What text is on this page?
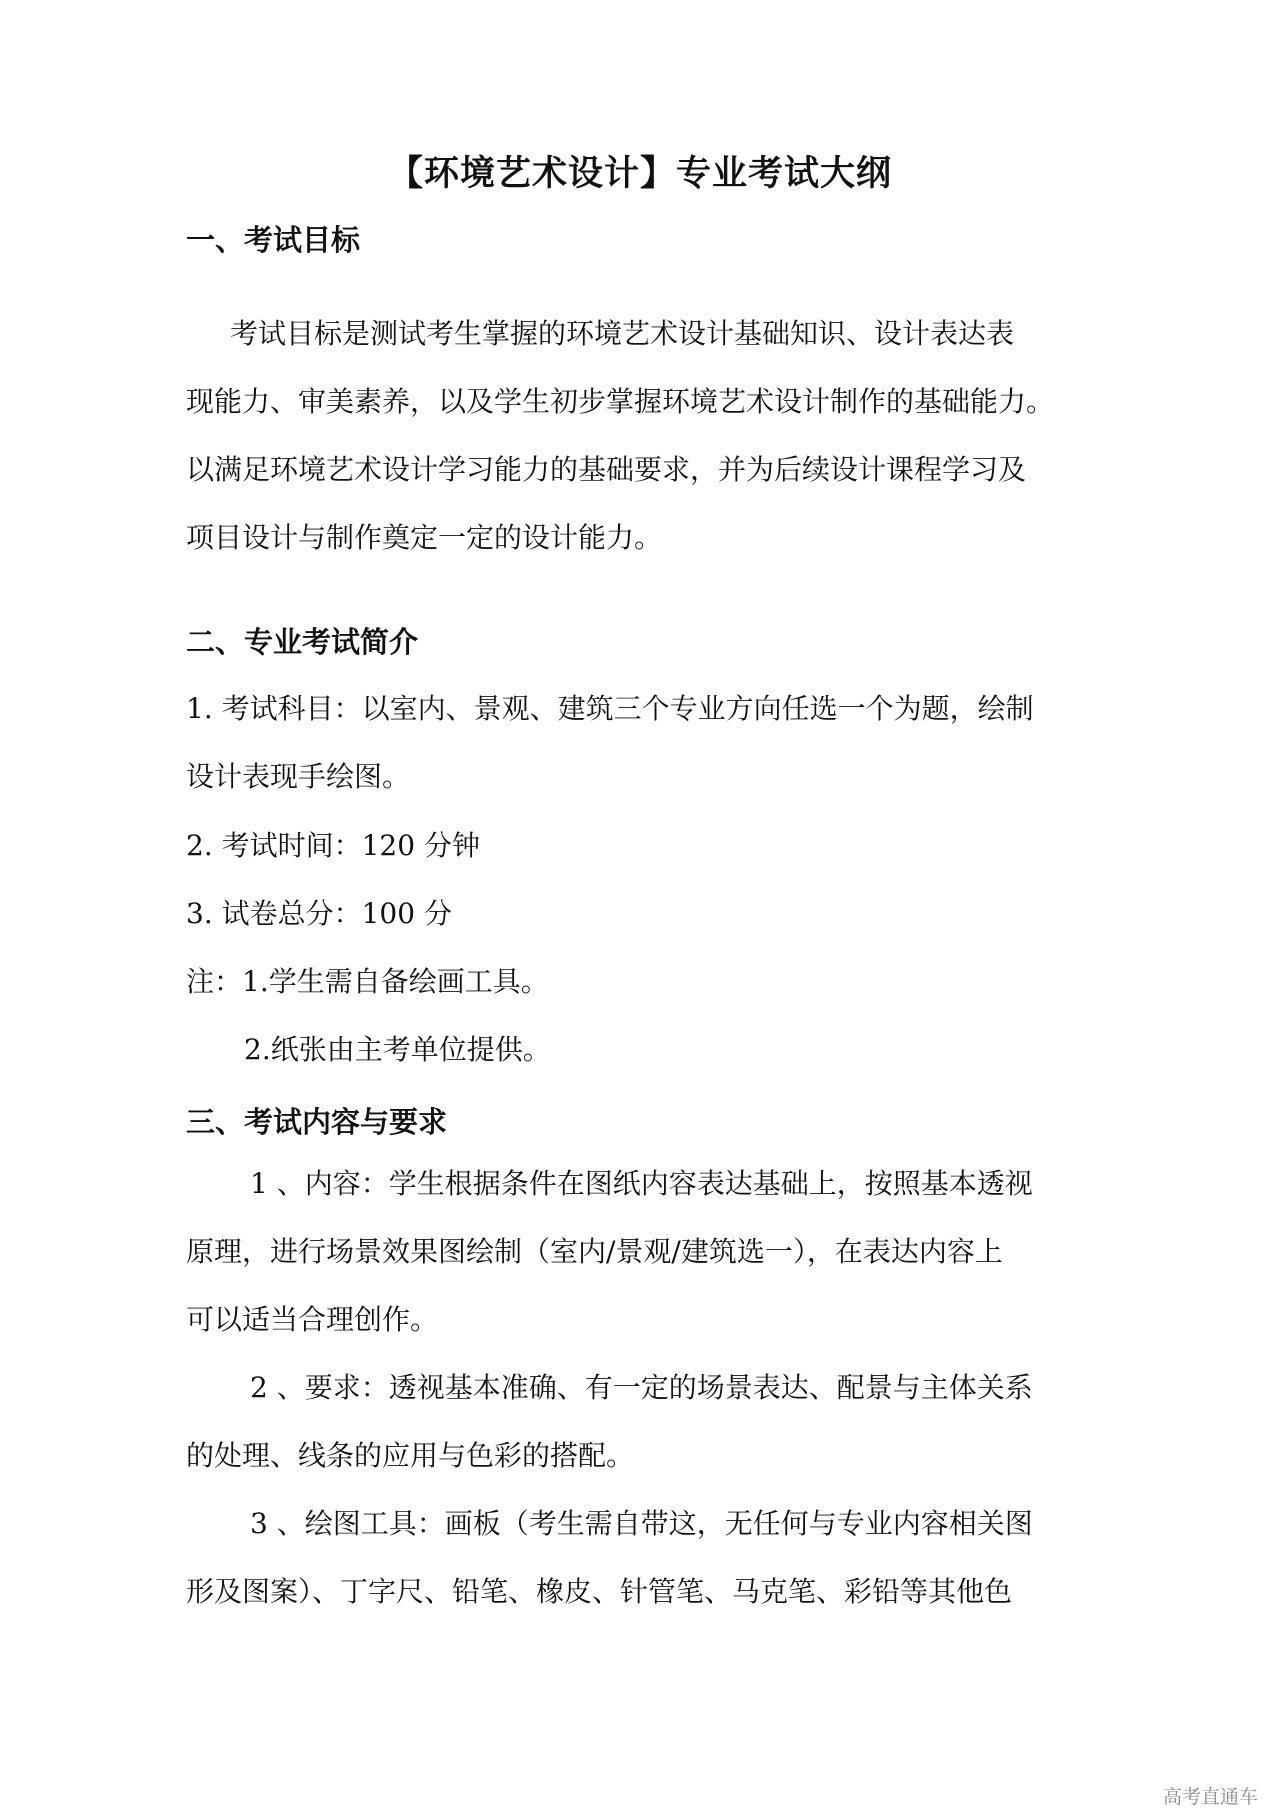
【环境艺术设计】专业考试大纲
一、考试目标

考试目标是测试考生掌握的环境艺术设计基础知识、设计表达表
现能力、审美素养，以及学生初步掌握环境艺术设计制作的基础能力。
以满足环境艺术设计学习能力的基础要求，并为后续设计课程学习及
项目设计与制作奠定一定的设计能力。

二、专业考试简介

1. 考试科目：以室内、景观、建筑三个专业方向任选一个为题，绘制
设计表现手绘图。

2. 考试时间：120 分钟

3. 试卷总分：100 分

注：1.学生需自备绘画工具。

2.纸张由主考单位提供。

三、考试内容与要求

1 、内容：学生根据条件在图纸内容表达基础上，按照基本透视
原理，进行场景效果图绘制（室内/景观/建筑选一），在表达内容上
可以适当合理创作。

2 、要求：透视基本准确、有一定的场景表达、配景与主体关系
的处理、线条的应用与色彩的搭配。

3 、绘图工具：画板（考生需自带这，无任何与专业内容相关图
形及图案）、丁字尺、铅笔、橡皮、针管笔、马克笔、彩铅等其他色

高考直通车
